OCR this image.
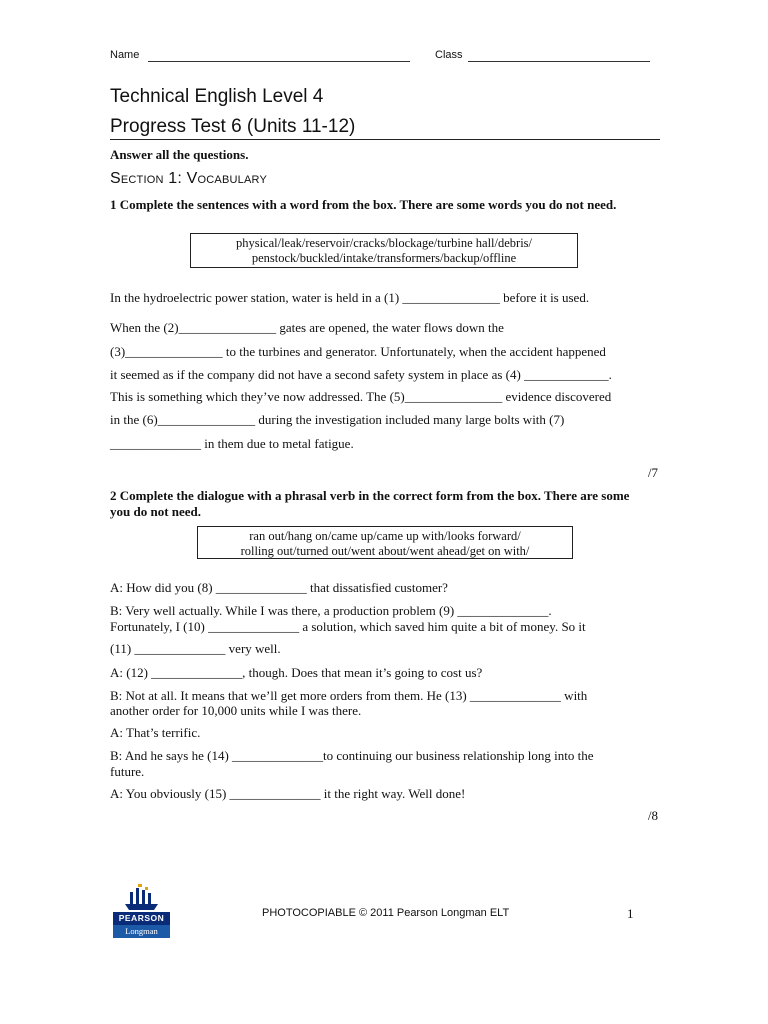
Name	Class
Technical English Level 4
Progress Test 6 (Units 11-12)
Answer all the questions.
Section 1: Vocabulary
1 Complete the sentences with a word from the box. There are some words you do not need.
physical/leak/reservoir/cracks/blockage/turbine hall/debris/
penstock/buckled/intake/transformers/backup/offline
In the hydroelectric power station, water is held in a (1) _______________ before it is used.
When the (2)_______________ gates are opened, the water flows down the
(3)_______________ to the turbines and generator. Unfortunately, when the accident happened
it seemed as if the company did not have a second safety system in place as (4) _____________.
This is something which they’ve now addressed. The (5)_______________ evidence discovered
in the (6)_______________ during the investigation included many large bolts with (7)
______________ in them due to metal fatigue.
/7
2 Complete the dialogue with a phrasal verb in the correct form from the box. There are some you do not need.
ran out/hang on/came up/came up with/looks forward/
rolling out/turned out/went about/went ahead/get on with/
A: How did you (8) ______________ that dissatisfied customer?
B: Very well actually. While I was there, a production problem (9) ______________.
Fortunately, I (10) ______________ a solution, which saved him quite a bit of money. So it
(11) ______________ very well.
A: (12) ______________, though. Does that mean it’s going to cost us?
B: Not at all. It means that we’ll get more orders from them. He (13) ______________ with
another order for 10,000 units while I was there.
A: That’s terrific.
B: And he says he (14) ______________to continuing our business relationship long into the
future.
A: You obviously (15) ______________ it the right way. Well done!
/8
PEARSON
Longman
PHOTOCOPIABLE © 2011 Pearson Longman ELT	1
